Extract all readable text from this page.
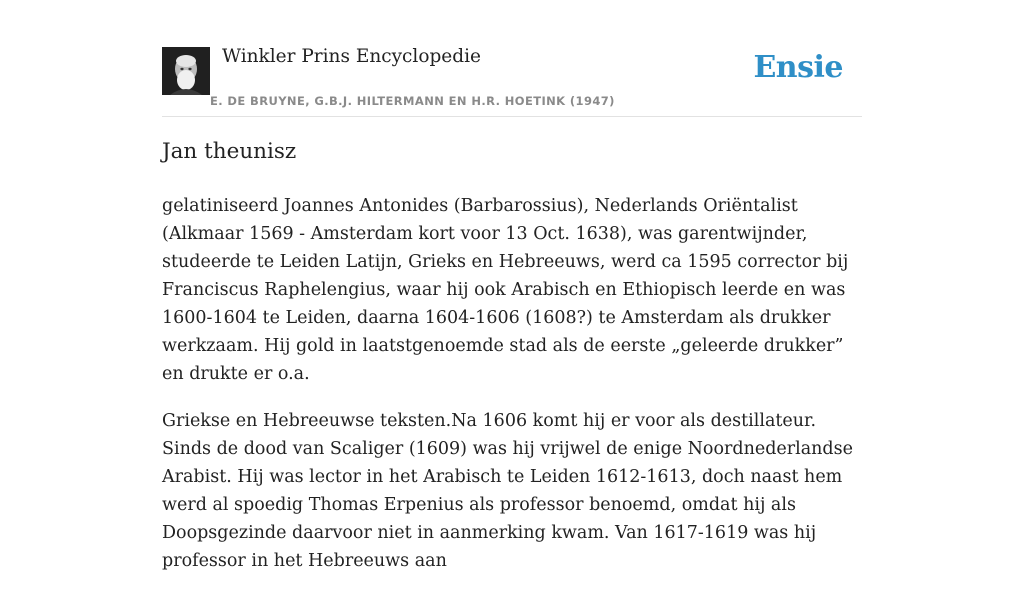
Winkler Prins Encyclopedie
E. DE BRUYNE, G.B.J. HILTERMANN EN H.R. HOETINK (1947)
Ensie
Jan theunisz

gelatiniseerd Joannes Antonides (Barbarossius), Nederlands Oriëntalist (Alkmaar 1569 - Amsterdam kort voor 13 Oct. 1638), was garentwijnder, studeerde te Leiden Latijn, Grieks en Hebreeuws, werd ca 1595 corrector bij Franciscus Raphelengius, waar hij ook Arabisch en Ethiopisch leerde en was 1600-1604 te Leiden, daarna 1604-1606 (1608?) te Amsterdam als drukker werkzaam. Hij gold in laatstgenoemde stad als de eerste „geleerde drukker” en drukte er o.a.

Griekse en Hebreeuwse teksten.Na 1606 komt hij er voor als destillateur. Sinds de dood van Scaliger (1609) was hij vrijwel de enige Noordnederlandse Arabist. Hij was lector in het Arabisch te Leiden 1612-1613, doch naast hem werd al spoedig Thomas Erpenius als professor benoemd, omdat hij als Doopsgezinde daarvoor niet in aanmerking kwam. Van 1617-1619 was hij professor in het Hebreeuws aan
